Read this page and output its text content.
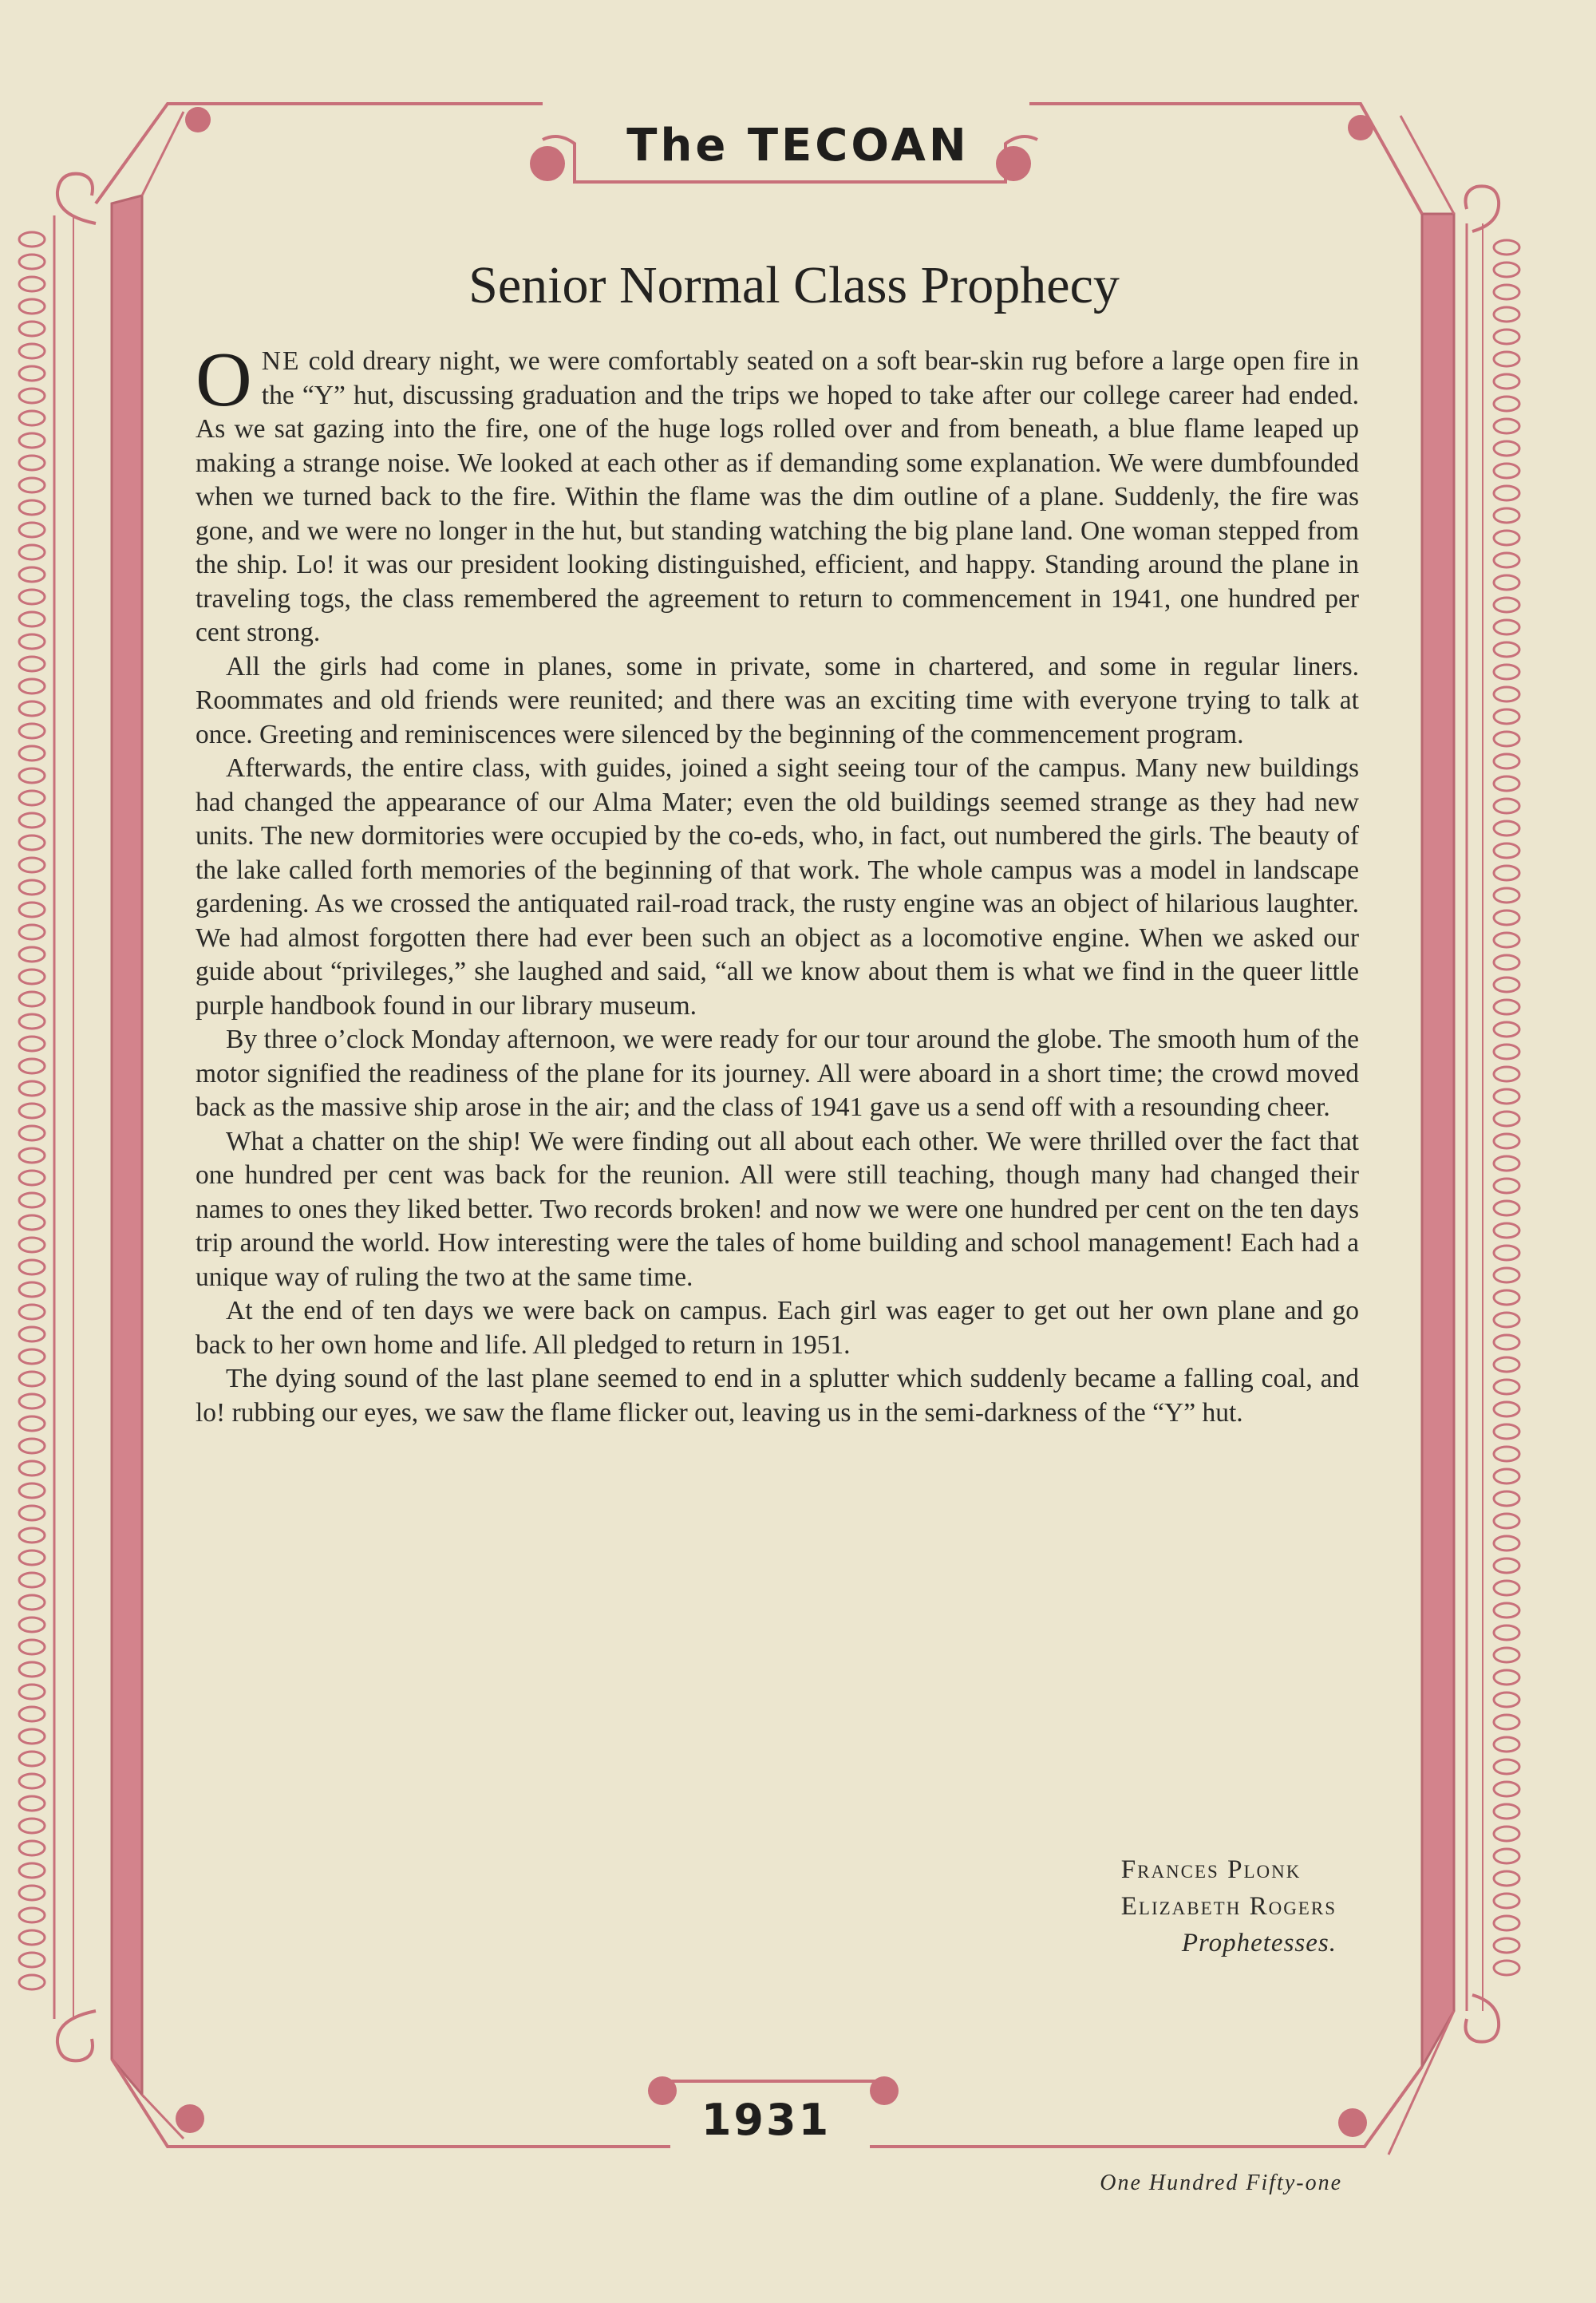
The TECOAN
Senior Normal Class Prophecy

ONE cold dreary night, we were comfortably seated on a soft bear-skin rug before a large open fire in the “Y” hut, discussing graduation and the trips we hoped to take after our college career had ended. As we sat gazing into the fire, one of the huge logs rolled over and from beneath, a blue flame leaped up making a strange noise. We looked at each other as if demanding some explanation. We were dumbfounded when we turned back to the fire. Within the flame was the dim outline of a plane. Suddenly, the fire was gone, and we were no longer in the hut, but standing watching the big plane land. One woman stepped from the ship. Lo! it was our president looking distinguished, efficient, and happy. Standing around the plane in traveling togs, the class remembered the agreement to return to commencement in 1941, one hundred per cent strong.

All the girls had come in planes, some in private, some in chartered, and some in regular liners. Roommates and old friends were reunited; and there was an exciting time with everyone trying to talk at once. Greeting and reminiscences were silenced by the beginning of the commencement program.

Afterwards, the entire class, with guides, joined a sight seeing tour of the campus. Many new buildings had changed the appearance of our Alma Mater; even the old buildings seemed strange as they had new units. The new dormitories were occupied by the co-eds, who, in fact, out numbered the girls. The beauty of the lake called forth memories of the beginning of that work. The whole campus was a model in landscape gardening. As we crossed the antiquated rail-road track, the rusty engine was an object of hilarious laughter. We had almost forgotten there had ever been such an object as a locomotive engine. When we asked our guide about “privileges,” she laughed and said, “all we know about them is what we find in the queer little purple handbook found in our library museum.

By three o’clock Monday afternoon, we were ready for our tour around the globe. The smooth hum of the motor signified the readiness of the plane for its journey. All were aboard in a short time; the crowd moved back as the massive ship arose in the air; and the class of 1941 gave us a send off with a resounding cheer.

What a chatter on the ship! We were finding out all about each other. We were thrilled over the fact that one hundred per cent was back for the reunion. All were still teaching, though many had changed their names to ones they liked better. Two records broken! and now we were one hundred per cent on the ten days trip around the world. How interesting were the tales of home building and school management! Each had a unique way of ruling the two at the same time.

At the end of ten days we were back on campus. Each girl was eager to get out her own plane and go back to her own home and life. All pledged to return in 1951.

The dying sound of the last plane seemed to end in a splutter which suddenly became a falling coal, and lo! rubbing our eyes, we saw the flame flicker out, leaving us in the semi-darkness of the “Y” hut.

Frances Plonk
Elizabeth Rogers
Prophetesses.
1931
One Hundred Fifty-one
